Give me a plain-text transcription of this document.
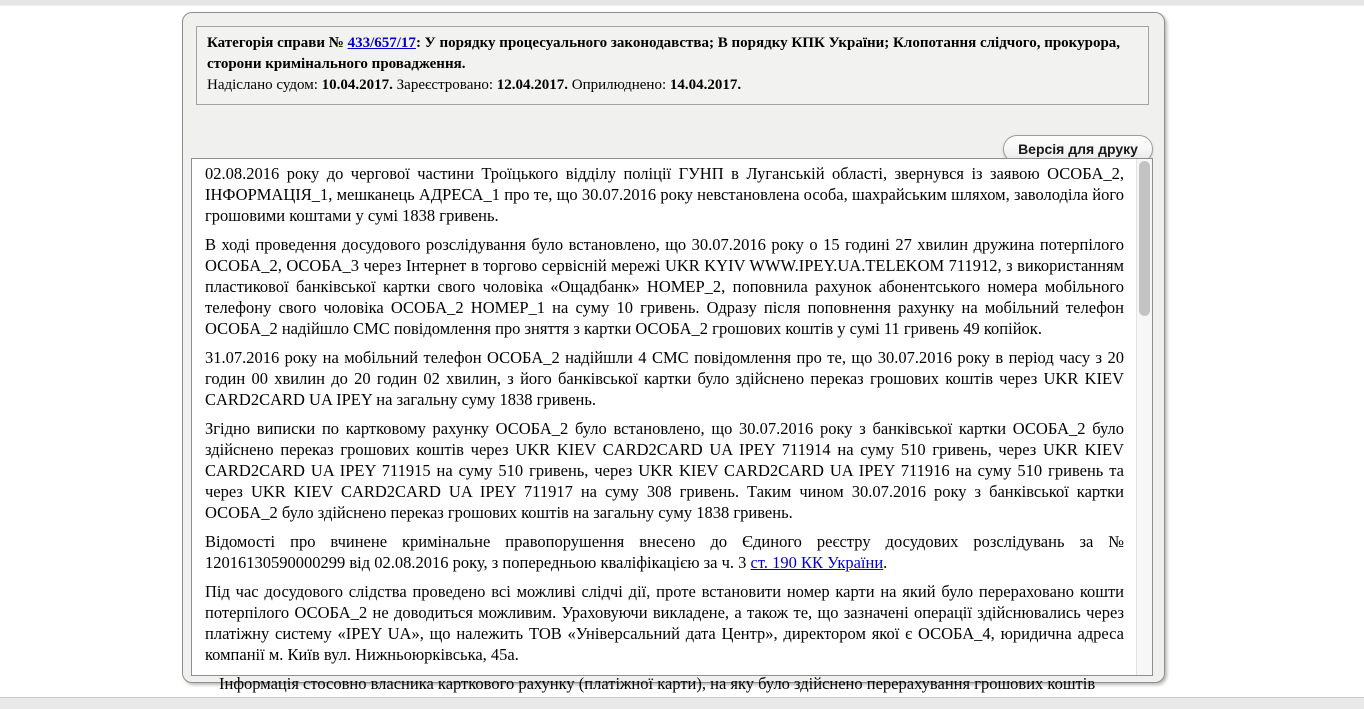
Категорія справи № 433/657/17: У порядку процесуального законодавства; В порядку КПК України; Клопотання слідчого, прокурора, сторони кримінального провадження.
Надіслано судом: 10.04.2017. Зареєстровано: 12.04.2017. Оприлюднено: 14.04.2017.
Версія для друку

02.08.2016 року до чергової частини Троїцького відділу поліції ГУНП в Луганській області, звернувся із заявою ОСОБА_2, ІНФОРМАЦІЯ_1, мешканець АДРЕСА_1 про те, що 30.07.2016 року невстановлена особа, шахрайським шляхом, заволоділа його грошовими коштами у сумі 1838 гривень.

В ході проведення досудового розслідування було встановлено, що 30.07.2016 року о 15 годині 27 хвилин дружина потерпілого ОСОБА_2, ОСОБА_3 через Інтернет в торгово сервісній мережі UKR KYIV WWW.IPEY.UA.TELEKOM 711912, з використанням пластикової банківської картки свого чоловіка «Ощадбанк» НОМЕР_2, поповнила рахунок абонентського номера мобільного телефону свого чоловіка ОСОБА_2 НОМЕР_1 на суму 10 гривень. Одразу після поповнення рахунку на мобільний телефон ОСОБА_2 надійшло СМС повідомлення про зняття з картки ОСОБА_2 грошових коштів у сумі 11 гривень 49 копійок.

31.07.2016 року на мобільний телефон ОСОБА_2 надійшли 4 СМС повідомлення про те, що 30.07.2016 року в період часу з 20 годин 00 хвилин до 20 годин 02 хвилин, з його банківської картки було здійснено переказ грошових коштів через UKR KIEV CARD2CARD UA IPEY на загальну суму 1838 гривень.

Згідно виписки по картковому рахунку ОСОБА_2 було встановлено, що 30.07.2016 року з банківської картки ОСОБА_2 було здійснено переказ грошових коштів через UKR KIEV CARD2CARD UA IPEY 711914 на суму 510 гривень, через UKR KIEV CARD2CARD UA IPEY 711915 на суму 510 гривень, через UKR KIEV CARD2CARD UA IPEY 711916 на суму 510 гривень та через UKR KIEV CARD2CARD UA IPEY 711917 на суму 308 гривень. Таким чином 30.07.2016 року з банківської картки ОСОБА_2 було здійснено переказ грошових коштів на загальну суму 1838 гривень.

Відомості про вчинене кримінальне правопорушення внесено до Єдиного реєстру досудових розслідувань за № 12016130590000299 від 02.08.2016 року, з попередньою кваліфікацією за ч. 3 ст. 190 КК України.

Під час досудового слідства проведено всі можливі слідчі дії, проте встановити номер карти на який було перераховано кошти потерпілого ОСОБА_2 не доводиться можливим. Ураховуючи викладене, а також те, що зазначені операції здійснювались через платіжну систему «IPEY UA», що належить ТОВ «Універсальний дата Центр», директором якої є ОСОБА_4, юридична адреса компанії м. Київ вул. Нижньоюрківська, 45а.

Інформація стосовно власника карткового рахунку (платіжної карти), на яку було здійснено перерахування грошових коштів
